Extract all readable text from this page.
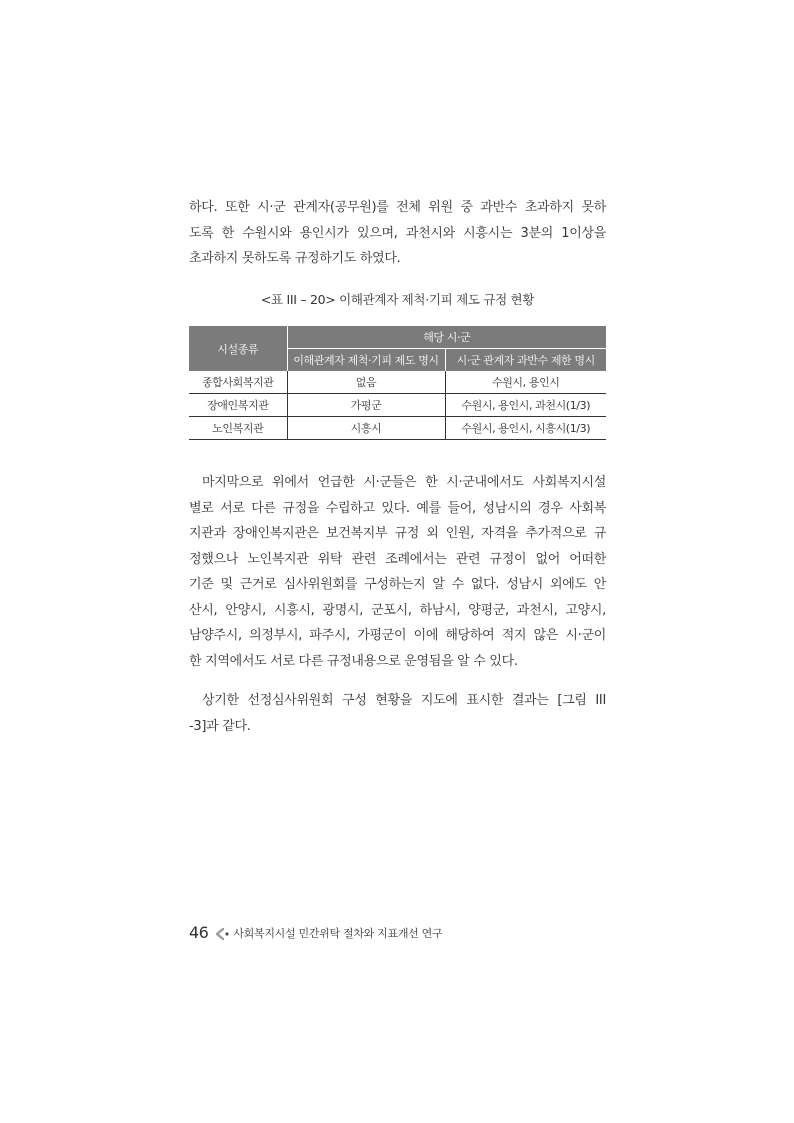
하다. 또한 시·군 관계자(공무원)를 전체 위원 중 과반수 초과하지 못하
도록 한 수원시와 용인시가 있으며, 과천시와 시흥시는 3분의 1이상을
초과하지 못하도록 규정하기도 하였다.
<표 III – 20> 이해관계자 제척·기피 제도 규정 현황
시설종류	해당 시·군	
	이해관계자 제척·기피 제도 명시	시·군 관계자 과반수 제한 명시
종합사회복지관	없음	수원시, 용인시
장애인복지관	가평군	수원시, 용인시, 과천시(1/3)
노인복지관	시흥시	수원시, 용인시, 시흥시(1/3)
마지막으로 위에서 언급한 시·군들은 한 시·군내에서도 사회복지시설
별로 서로 다른 규정을 수립하고 있다. 예를 들어, 성남시의 경우 사회복
지관과 장애인복지관은 보건복지부 규정 외 인원, 자격을 추가적으로 규
정했으나 노인복지관 위탁 관련 조례에서는 관련 규정이 없어 어떠한
기준 및 근거로 심사위원회를 구성하는지 알 수 없다. 성남시 외에도 안
산시, 안양시, 시흥시, 광명시, 군포시, 하남시, 양평군, 과천시, 고양시,
남양주시, 의정부시, 파주시, 가평군이 이에 해당하여 적지 않은 시·군이
한 지역에서도 서로 다른 규정내용으로 운영됨을 알 수 있다.
상기한 선정심사위원회 구성 현황을 지도에 표시한 결과는 [그림 III
-3]과 같다.
46 사회복지시설 민간위탁 절차와 지표개선 연구
